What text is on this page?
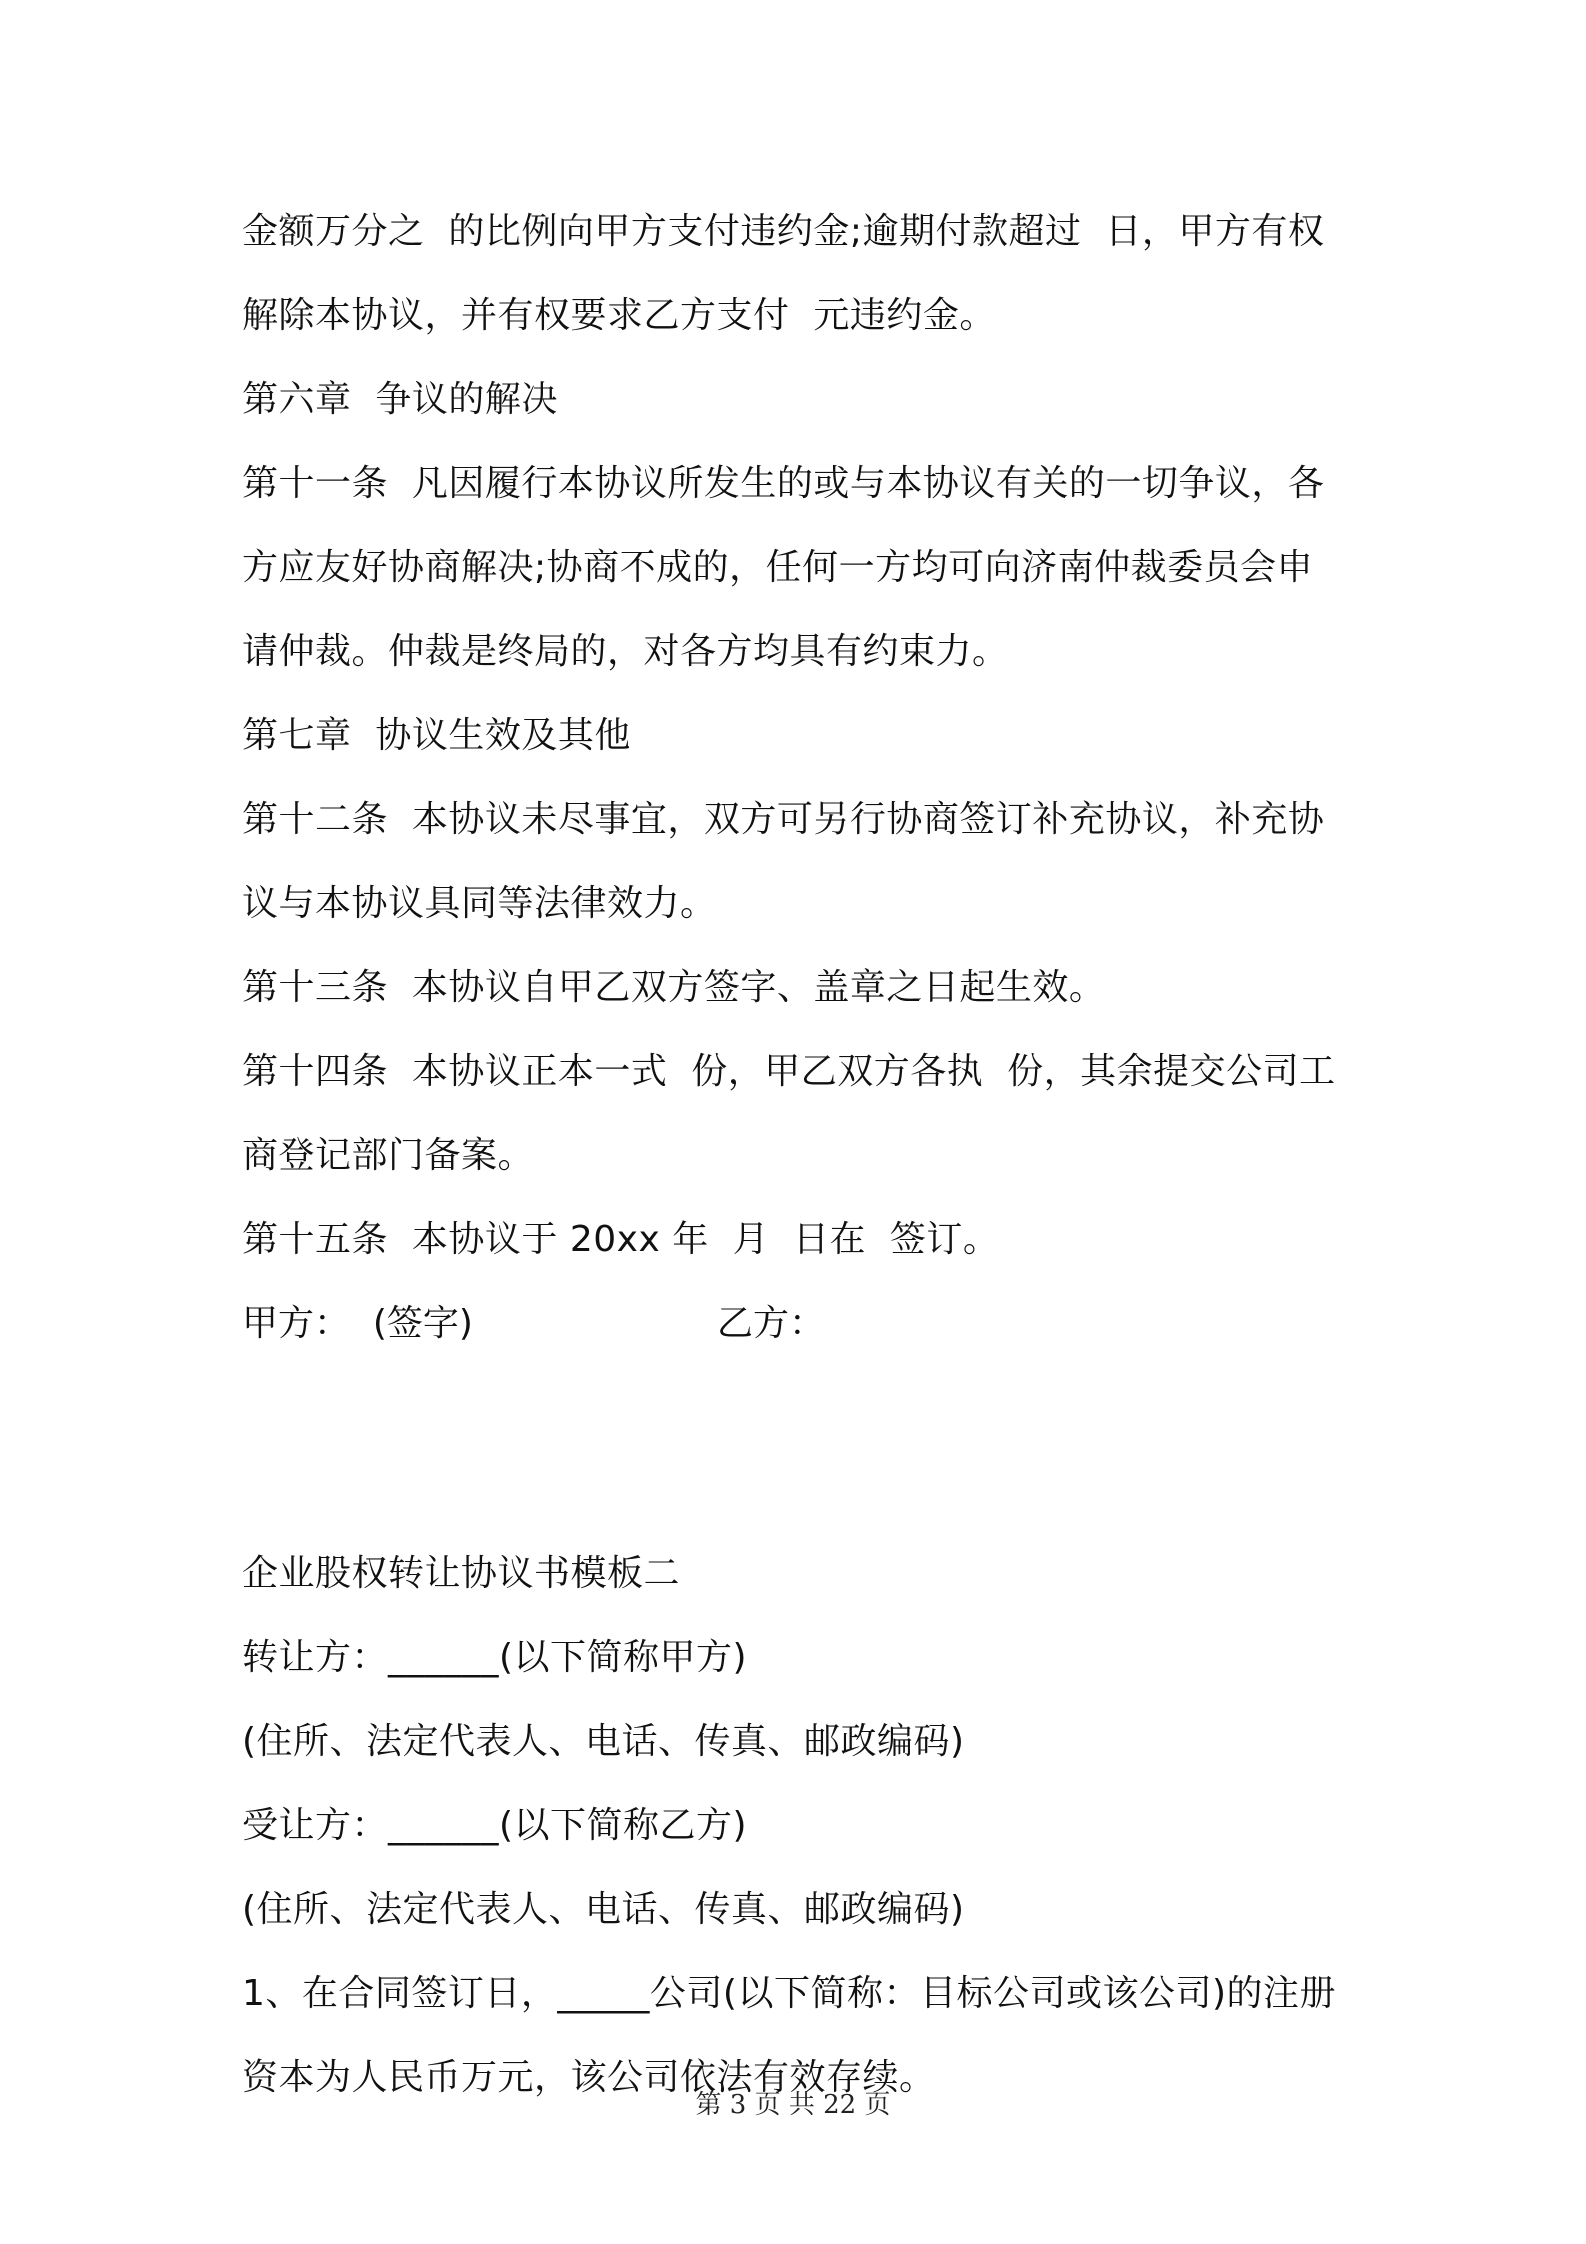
金额万分之  的比例向甲方支付违约金;逾期付款超过  日，甲方有权
解除本协议，并有权要求乙方支付  元违约金。
第六章  争议的解决
第十一条  凡因履行本协议所发生的或与本协议有关的一切争议，各
方应友好协商解决;协商不成的，任何一方均可向济南仲裁委员会申
请仲裁。仲裁是终局的，对各方均具有约束力。
第七章  协议生效及其他
第十二条  本协议未尽事宜，双方可另行协商签订补充协议，补充协
议与本协议具同等法律效力。
第十三条  本协议自甲乙双方签字、盖章之日起生效。
第十四条  本协议正本一式  份，甲乙双方各执  份，其余提交公司工
商登记部门备案。
第十五条  本协议于 20xx 年  月  日在  签订。
甲方：  (签字)	乙方：
企业股权转让协议书模板二
转让方：______(以下简称甲方)
(住所、法定代表人、电话、传真、邮政编码)
受让方：______(以下简称乙方)
(住所、法定代表人、电话、传真、邮政编码)
1、在合同签订日，_____公司(以下简称：目标公司或该公司)的注册
资本为人民币万元，该公司依法有效存续。
第 3 页 共 22 页
